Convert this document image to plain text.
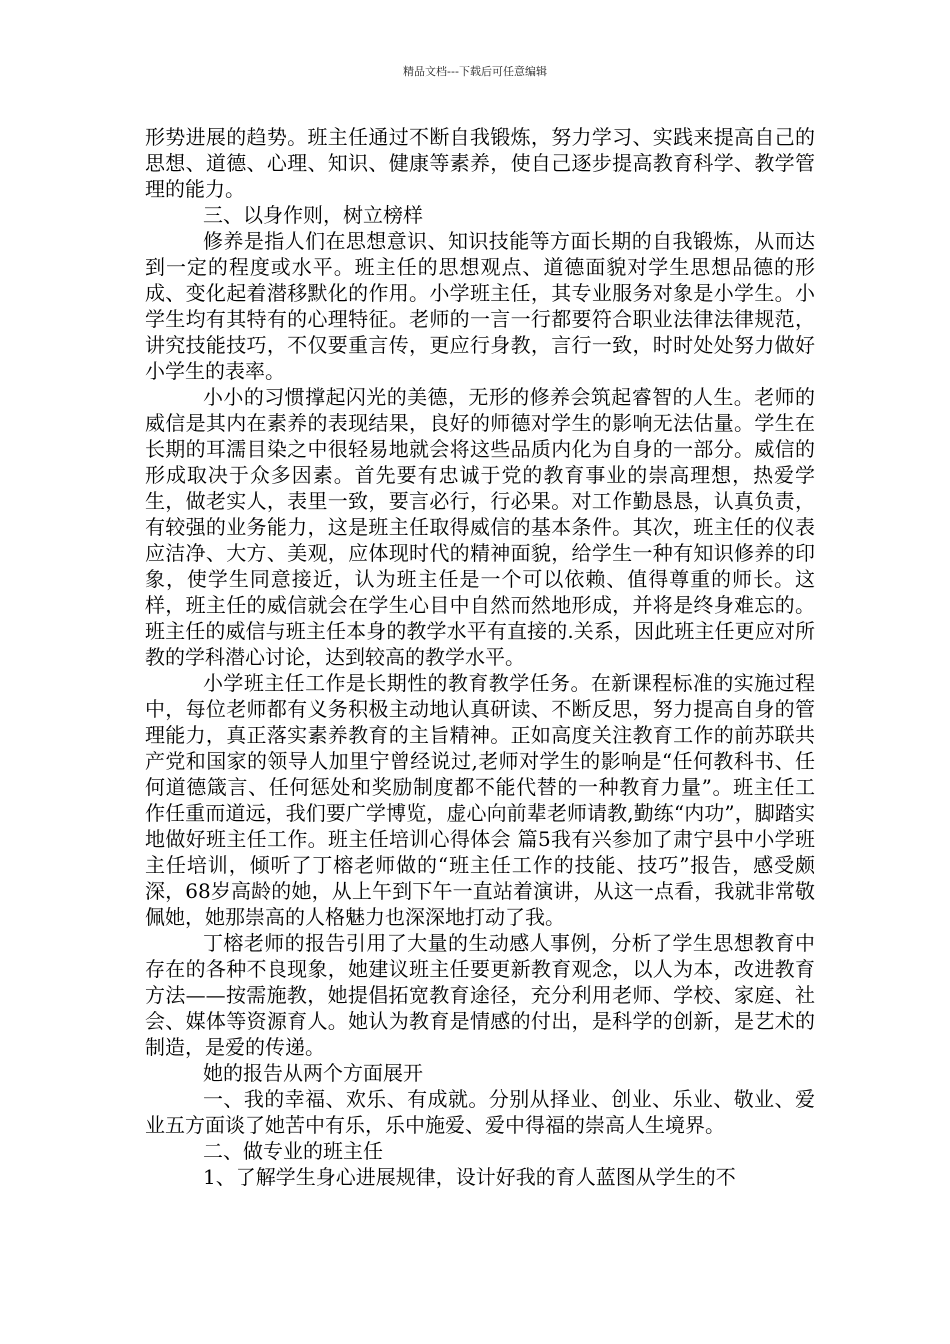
精品文档---下载后可任意编辑

形势进展的趋势。班主任通过不断自我锻炼，努力学习、实践来提高自己的思想、道德、心理、知识、健康等素养，使自己逐步提高教育科学、教学管理的能力。

三、以身作则，树立榜样

修养是指人们在思想意识、知识技能等方面长期的自我锻炼，从而达到一定的程度或水平。班主任的思想观点、道德面貌对学生思想品德的形成、变化起着潜移默化的作用。小学班主任，其专业服务对象是小学生。小学生均有其特有的心理特征。老师的一言一行都要符合职业法律法律规范，讲究技能技巧，不仅要重言传，更应行身教，言行一致，时时处处努力做好小学生的表率。

小小的习惯撑起闪光的美德，无形的修养会筑起睿智的人生。老师的威信是其内在素养的表现结果，良好的师德对学生的影响无法估量。学生在长期的耳濡目染之中很轻易地就会将这些品质内化为自身的一部分。威信的形成取决于众多因素。首先要有忠诚于党的教育事业的崇高理想，热爱学生，做老实人，表里一致，要言必行，行必果。对工作勤恳恳，认真负责，有较强的业务能力，这是班主任取得威信的基本条件。其次，班主任的仪表应洁净、大方、美观，应体现时代的精神面貌，给学生一种有知识修养的印象，使学生同意接近，认为班主任是一个可以依赖、值得尊重的师长。这样，班主任的威信就会在学生心目中自然而然地形成，并将是终身难忘的。班主任的威信与班主任本身的教学水平有直接的.关系，因此班主任更应对所教的学科潜心讨论，达到较高的教学水平。

小学班主任工作是长期性的教育教学任务。在新课程标准的实施过程中，每位老师都有义务积极主动地认真研读、不断反思，努力提高自身的管理能力，真正落实素养教育的主旨精神。正如高度关注教育工作的前苏联共产党和国家的领导人加里宁曾经说过,老师对学生的影响是“任何教科书、任何道德箴言、任何惩处和奖励制度都不能代替的一种教育力量”。班主任工作任重而道远，我们要广学博览，虚心向前辈老师请教,勤练“内功”，脚踏实地做好班主任工作。班主任培训心得体会 篇5我有兴参加了肃宁县中小学班主任培训，倾听了丁榕老师做的“班主任工作的技能、技巧”报告，感受颇深，68岁高龄的她，从上午到下午一直站着演讲，从这一点看，我就非常敬佩她，她那崇高的人格魅力也深深地打动了我。

丁榕老师的报告引用了大量的生动感人事例，分析了学生思想教育中存在的各种不良现象，她建议班主任要更新教育观念，以人为本，改进教育方法——按需施教，她提倡拓宽教育途径，充分利用老师、学校、家庭、社会、媒体等资源育人。她认为教育是情感的付出，是科学的创新，是艺术的制造，是爱的传递。

她的报告从两个方面展开

一、我的幸福、欢乐、有成就。分别从择业、创业、乐业、敬业、爱业五方面谈了她苦中有乐，乐中施爱、爱中得福的崇高人生境界。

二、做专业的班主任

1、了解学生身心进展规律，设计好我的育人蓝图从学生的不
